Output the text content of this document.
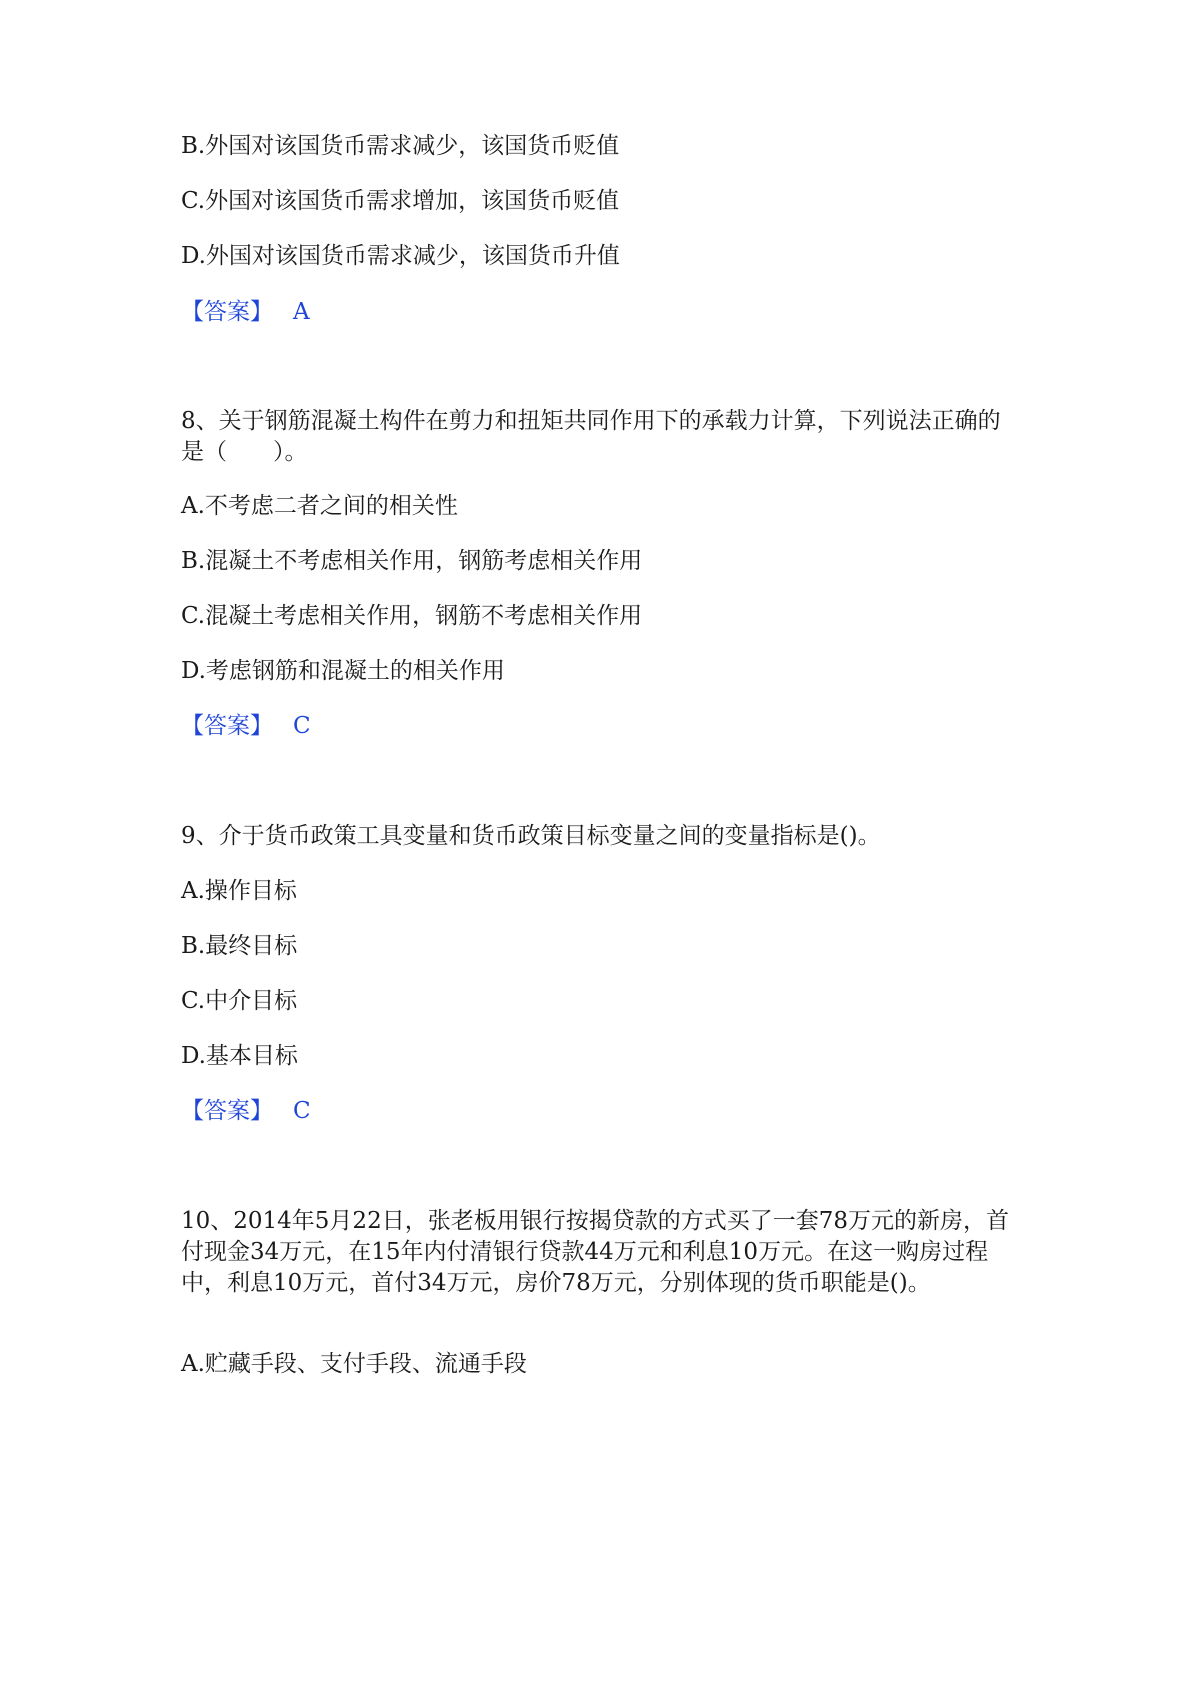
B.外国对该国货币需求减少，该国货币贬值
C.外国对该国货币需求增加，该国货币贬值
D.外国对该国货币需求减少，该国货币升值
【答案】 A
8、关于钢筋混凝土构件在剪力和扭矩共同作用下的承载力计算，下列说法正确的是（　　）。
A.不考虑二者之间的相关性
B.混凝土不考虑相关作用，钢筋考虑相关作用
C.混凝土考虑相关作用，钢筋不考虑相关作用
D.考虑钢筋和混凝土的相关作用
【答案】 C
9、介于货币政策工具变量和货币政策目标变量之间的变量指标是()。
A.操作目标
B.最终目标
C.中介目标
D.基本目标
【答案】 C
10、2014年5月22日，张老板用银行按揭贷款的方式买了一套78万元的新房，首付现金34万元，在15年内付清银行贷款44万元和利息10万元。在这一购房过程中，利息10万元，首付34万元，房价78万元，分别体现的货币职能是()。
A.贮藏手段、支付手段、流通手段
